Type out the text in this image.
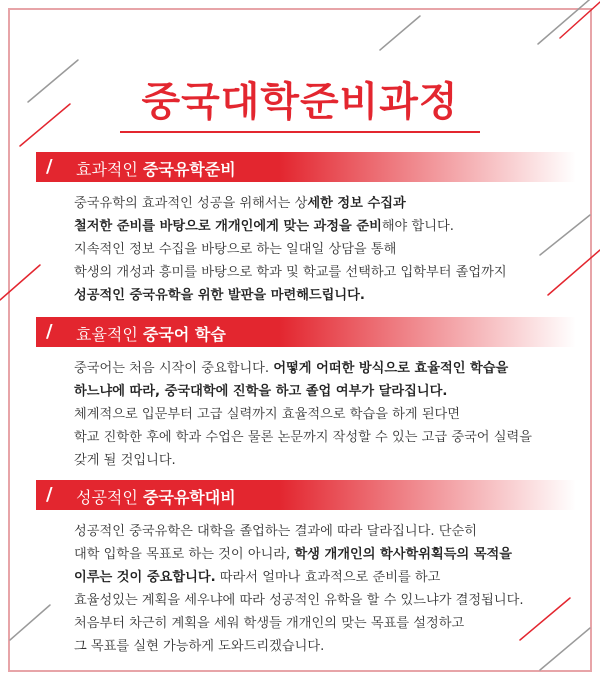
중국대학준비과정
/ 효과적인 중국유학준비

중국유학의 효과적인 성공을 위해서는 상세한 정보 수집과

철저한 준비를 바탕으로 개개인에게 맞는 과정을 준비해야 합니다.

지속적인 정보 수집을 바탕으로 하는 일대일 상담을 통해

학생의 개성과 흥미를 바탕으로 학과 및 학교를 선택하고 입학부터 졸업까지

성공적인 중국유학을 위한 발판을 마련해드립니다.

/ 효율적인 중국어 학습

중국어는 처음 시작이 중요합니다. 어떻게 어떠한 방식으로 효율적인 학습을

하느냐에 따라, 중국대학에 진학을 하고 졸업 여부가 달라집니다.

체계적으로 입문부터 고급 실력까지 효율적으로 학습을 하게 된다면

학교 진학한 후에 학과 수업은 물론 논문까지 작성할 수 있는 고급 중국어 실력을

갖게 될 것입니다.

/ 성공적인 중국유학대비

성공적인 중국유학은 대학을 졸업하는 결과에 따라 달라집니다. 단순히

대학 입학을 목표로 하는 것이 아니라, 학생 개개인의 학사학위획득의 목적을

이루는 것이 중요합니다. 따라서 얼마나 효과적으로 준비를 하고

효율성있는 계획을 세우냐에 따라 성공적인 유학을 할 수 있느냐가 결정됩니다.

처음부터 차근히 계획을 세워 학생들 개개인의 맞는 목표를 설정하고

그 목표를 실현 가능하게 도와드리겠습니다.
